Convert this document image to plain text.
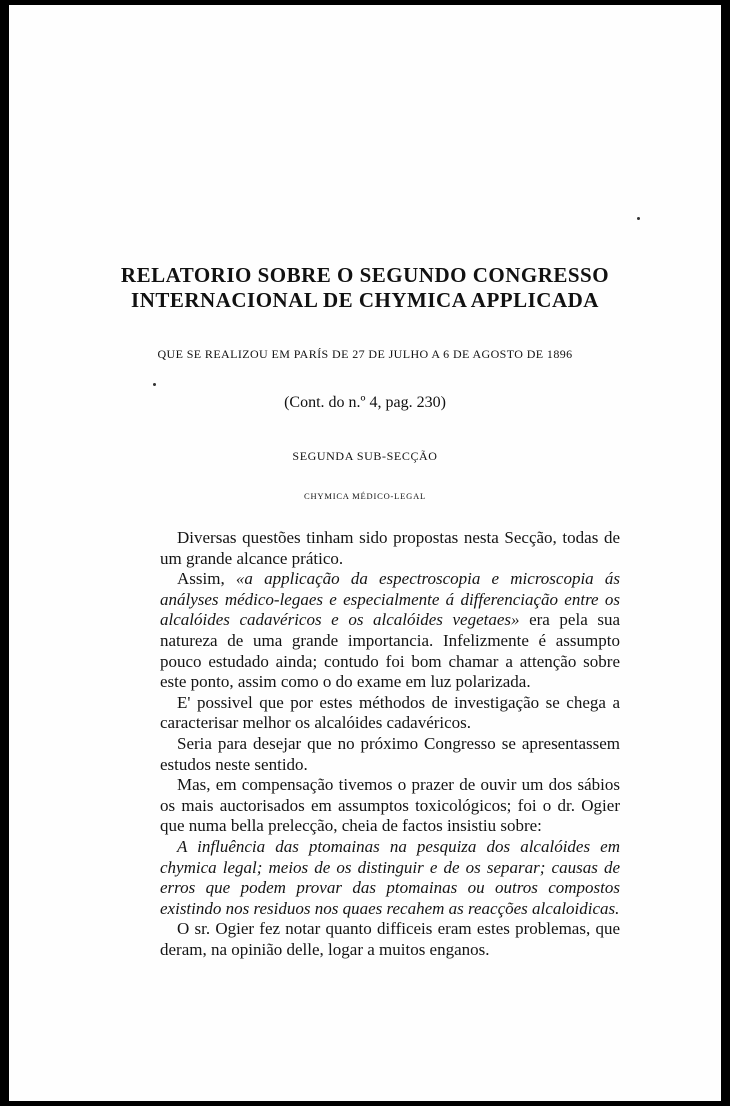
RELATORIO SOBRE O SEGUNDO CONGRESSO
INTERNACIONAL DE CHYMICA APPLICADA
QUE SE REALIZOU EM PARÍS DE 27 DE JULHO A 6 DE AGOSTO DE 1896
(Cont. do n.º 4, pag. 230)
SEGUNDA SUB-SECÇÃO
CHYMICA MÉDICO-LEGAL

Diversas questões tinham sido propostas nesta Secção, todas de um grande alcance prático.

Assim, «a applicação da espectroscopia e microscopia ás anályses médico-legaes e especialmente á differenciação entre os alcalóides cadavéricos e os alcalóides vegetaes» era pela sua natureza de uma grande importancia. Infelizmente é assumpto pouco estudado ainda; contudo foi bom chamar a attenção sobre este ponto, assim como o do exame em luz polarizada.

E' possivel que por estes méthodos de investigação se chega a caracterisar melhor os alcalóides cadavéricos.

Seria para desejar que no próximo Congresso se apresentassem estudos neste sentido.

Mas, em compensação tivemos o prazer de ouvir um dos sábios os mais auctorisados em assumptos toxicológicos; foi o dr. Ogier que numa bella prelecção, cheia de factos insistiu sobre:

A influência das ptomainas na pesquiza dos alcalóides em chymica legal; meios de os distinguir e de os separar; causas de erros que podem provar das ptomainas ou outros compostos existindo nos residuos nos quaes recahem as reacções alcaloidicas.

O sr. Ogier fez notar quanto difficeis eram estes problemas, que deram, na opinião delle, logar a muitos enganos.
